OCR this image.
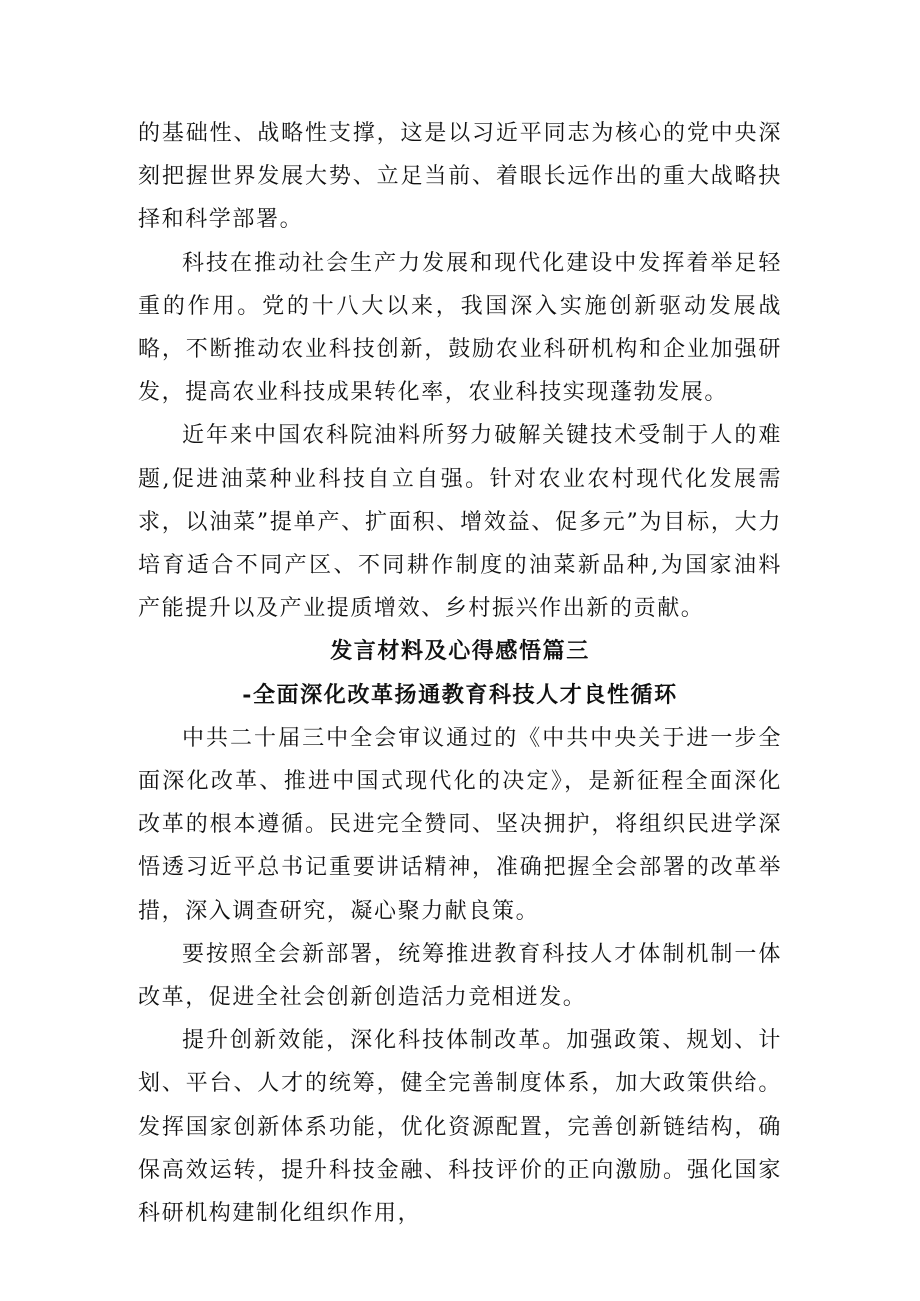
的基础性、战略性支撑，这是以习近平同志为核心的党中央深刻把握世界发展大势、立足当前、着眼长远作出的重大战略抉择和科学部署。

科技在推动社会生产力发展和现代化建设中发挥着举足轻重的作用。党的十八大以来，我国深入实施创新驱动发展战略，不断推动农业科技创新，鼓励农业科研机构和企业加强研发，提高农业科技成果转化率，农业科技实现蓬勃发展。

近年来中国农科院油料所努力破解关键技术受制于人的难题,促进油菜种业科技自立自强。针对农业农村现代化发展需求，以油菜”提单产、扩面积、增效益、促多元”为目标，大力培育适合不同产区、不同耕作制度的油菜新品种,为国家油料产能提升以及产业提质增效、乡村振兴作出新的贡献。

发言材料及心得感悟篇三
-全面深化改革扬通教育科技人才良性循环

中共二十届三中全会审议通过的《中共中央关于进一步全面深化改革、推进中国式现代化的决定》，是新征程全面深化改革的根本遵循。民进完全赞同、坚决拥护，将组织民进学深悟透习近平总书记重要讲话精神，准确把握全会部署的改革举措，深入调查研究，凝心聚力献良策。

要按照全会新部署，统筹推进教育科技人才体制机制一体改革，促进全社会创新创造活力竞相迸发。

提升创新效能，深化科技体制改革。加强政策、规划、计划、平台、人才的统筹，健全完善制度体系，加大政策供给。发挥国家创新体系功能，优化资源配置，完善创新链结构，确保高效运转，提升科技金融、科技评价的正向激励。强化国家科研机构建制化组织作用，
